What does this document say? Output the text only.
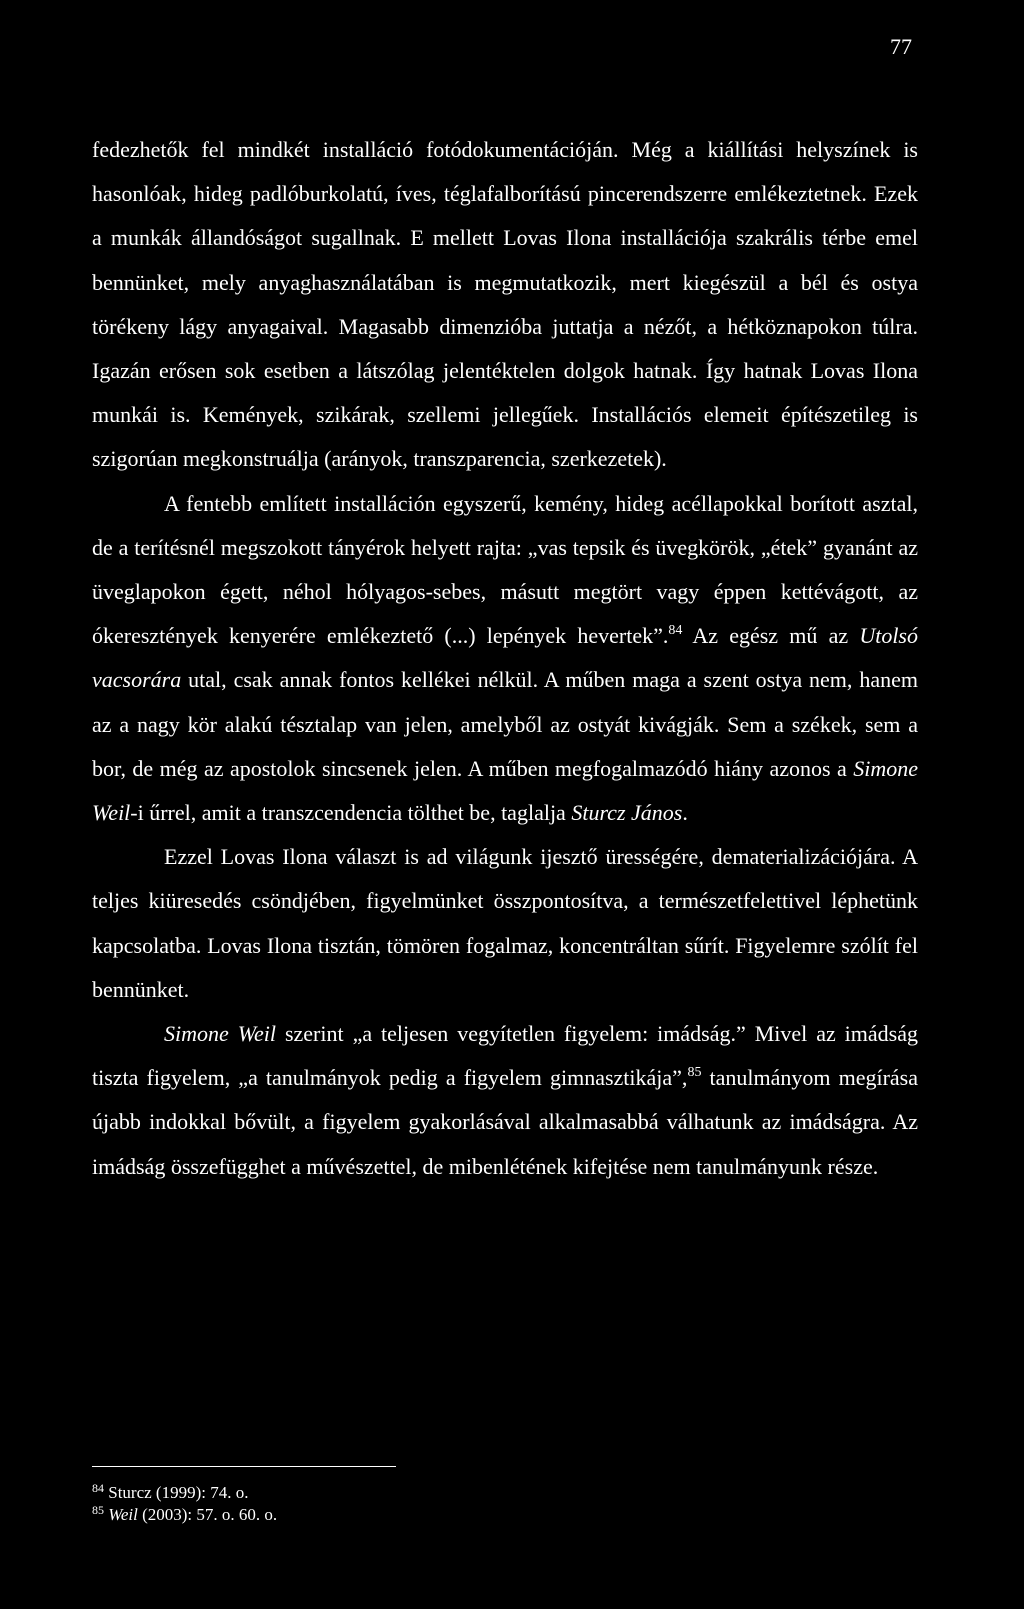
77

fedezhetők fel mindkét installáció fotódokumentációján. Még a kiállítási helyszínek is hasonlóak, hideg padlóburkolatú, íves, téglafalborítású pincerendszerre emlékeztetnek. Ezek a munkák állandóságot sugallnak. E mellett Lovas Ilona installációja szakrális térbe emel bennünket, mely anyaghasználatában is megmutatkozik, mert kiegészül a bél és ostya törékeny lágy anyagaival. Magasabb dimenzióba juttatja a nézőt, a hétköznapokon túlra. Igazán erősen sok esetben a látszólag jelentéktelen dolgok hatnak. Így hatnak Lovas Ilona munkái is. Kemények, szikárak, szellemi jellegűek. Installációs elemeit építészetileg is szigorúan megkonstruálja (arányok, transzparencia, szerkezetek).

A fentebb említett installáción egyszerű, kemény, hideg acéllapokkal borított asztal, de a terítésnél megszokott tányérok helyett rajta: „vas tepsik és üvegkörök, „étek” gyanánt az üveglapokon égett, néhol hólyagos-sebes, másutt megtört vagy éppen kettévágott, az ókeresztények kenyerére emlékeztető (...) lepények hevertek”.$^{84}$ Az egész mű az Utolsó vacsorára utal, csak annak fontos kellékei nélkül. A műben maga a szent ostya nem, hanem az a nagy kör alakú tésztalap van jelen, amelyből az ostyát kivágják. Sem a székek, sem a bor, de még az apostolok sincsenek jelen. A műben megfogalmazódó hiány azonos a Simone Weil-i űrrel, amit a transzcendencia tölthet be, taglalja Sturcz János.

Ezzel Lovas Ilona választ is ad világunk ijesztő ürességére, dematerializációjára. A teljes kiüresedés csöndjében, figyelmünket összpontosítva, a természetfelettivel léphetünk kapcsolatba. Lovas Ilona tisztán, tömören fogalmaz, koncentráltan sűrít. Figyelemre szólít fel bennünket.

Simone Weil szerint „a teljesen vegyítetlen figyelem: imádság.” Mivel az imádság tiszta figyelem, „a tanulmányok pedig a figyelem gimnasztikája”,$^{85}$ tanulmányom megírása újabb indokkal bővült, a figyelem gyakorlásával alkalmasabbá válhatunk az imádságra. Az imádság összefügghet a művészettel, de mibenlétének kifejtése nem tanulmányunk része.

$^{84}$ Sturcz (1999): 74. o.
$^{85}$ Weil (2003): 57. o. 60. o.
